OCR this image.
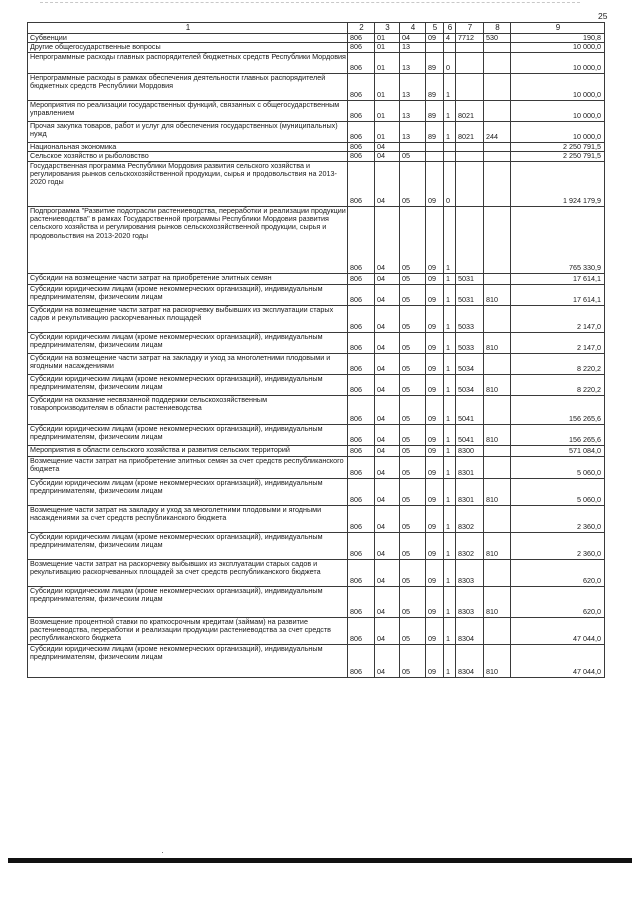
25
1	2	3	4	5	6	7	8	9

Субвенции	806	01	04	09	4	7712	530	190,8

Другие общегосударственные вопросы	806	01	13					10 000,0

Непрограммные расходы главных распорядителей бюджетных средств Республики Мордовия	806	01	13	89	0			10 000,0

Непрограммные расходы в рамках обеспечения деятельности главных распорядителей бюджетных средств Республики Мордовия	806	01	13	89	1			10 000,0

Мероприятия по реализации государственных функций, связанных с общегосударственным управлением	806	01	13	89	1	8021		10 000,0

Прочая закупка товаров, работ и услуг для обеспечения государственных (муниципальных) нужд	806	01	13	89	1	8021	244	10 000,0

Национальная экономика	806	04						2 250 791,5

Сельское хозяйство и рыболовство	806	04	05					2 250 791,5

Государственная программа Республики Мордовия развития сельского хозяйства и регулирования рынков сельскохозяйственной продукции, сырья и продовольствия на 2013-2020 годы	806	04	05	09	0			1 924 179,9

Подпрограмма "Развитие подотрасли растениеводства, переработки и реализации продукции растениеводства" в рамках Государственной программы Республики Мордовия развития сельского хозяйства и регулирования рынков сельскохозяйственной продукции, сырья и продовольствия на 2013-2020 годы	806	04	05	09	1			765 330,9

Субсидии на возмещение части затрат на приобретение элитных семян	806	04	05	09	1	5031		17 614,1

Субсидии юридическим лицам (кроме некоммерческих организаций), индивидуальным предпринимателям, физическим лицам	806	04	05	09	1	5031	810	17 614,1

Субсидии на возмещение части затрат на раскорчевку выбывших из эксплуатации старых садов и рекультивацию раскорчеванных площадей	806	04	05	09	1	5033		2 147,0

Субсидии юридическим лицам (кроме некоммерческих организаций), индивидуальным предпринимателям, физическим лицам	806	04	05	09	1	5033	810	2 147,0

Субсидии на возмещение части затрат на закладку и уход за многолетними плодовыми и ягодными насаждениями	806	04	05	09	1	5034		8 220,2

Субсидии юридическим лицам (кроме некоммерческих организаций), индивидуальным предпринимателям, физическим лицам	806	04	05	09	1	5034	810	8 220,2

Субсидии на оказание несвязанной поддержки сельскохозяйственным товаропроизводителям в области растениеводства	806	04	05	09	1	5041		156 265,6

Субсидии юридическим лицам (кроме некоммерческих организаций), индивидуальным предпринимателям, физическим лицам	806	04	05	09	1	5041	810	156 265,6

Мероприятия в области сельского хозяйства и развития сельских территорий	806	04	05	09	1	8300		571 084,0

Возмещение части затрат на приобретение элитных семян за счет средств республиканского бюджета	806	04	05	09	1	8301		5 060,0

Субсидии юридическим лицам (кроме некоммерческих организаций), индивидуальным предпринимателям, физическим лицам	806	04	05	09	1	8301	810	5 060,0

Возмещение части затрат на закладку и уход за многолетними плодовыми и ягодными насаждениями за счет средств республиканского бюджета	806	04	05	09	1	8302		2 360,0

Субсидии юридическим лицам (кроме некоммерческих организаций), индивидуальным предпринимателям, физическим лицам	806	04	05	09	1	8302	810	2 360,0

Возмещение части затрат на раскорчевку выбывших из эксплуатации старых садов и рекультивацию раскорчеванных площадей за счет средств республиканского бюджета	806	04	05	09	1	8303		620,0

Субсидии юридическим лицам (кроме некоммерческих организаций), индивидуальным предпринимателям, физическим лицам	806	04	05	09	1	8303	810	620,0

Возмещение процентной ставки по краткосрочным кредитам (займам) на развитие растениеводства, переработки и реализации продукции растениеводства за счет средств республиканского бюджета	806	04	05	09	1	8304		47 044,0

Субсидии юридическим лицам (кроме некоммерческих организаций), индивидуальным предпринимателям, физическим лицам	806	04	05	09	1	8304	810	47 044,0
